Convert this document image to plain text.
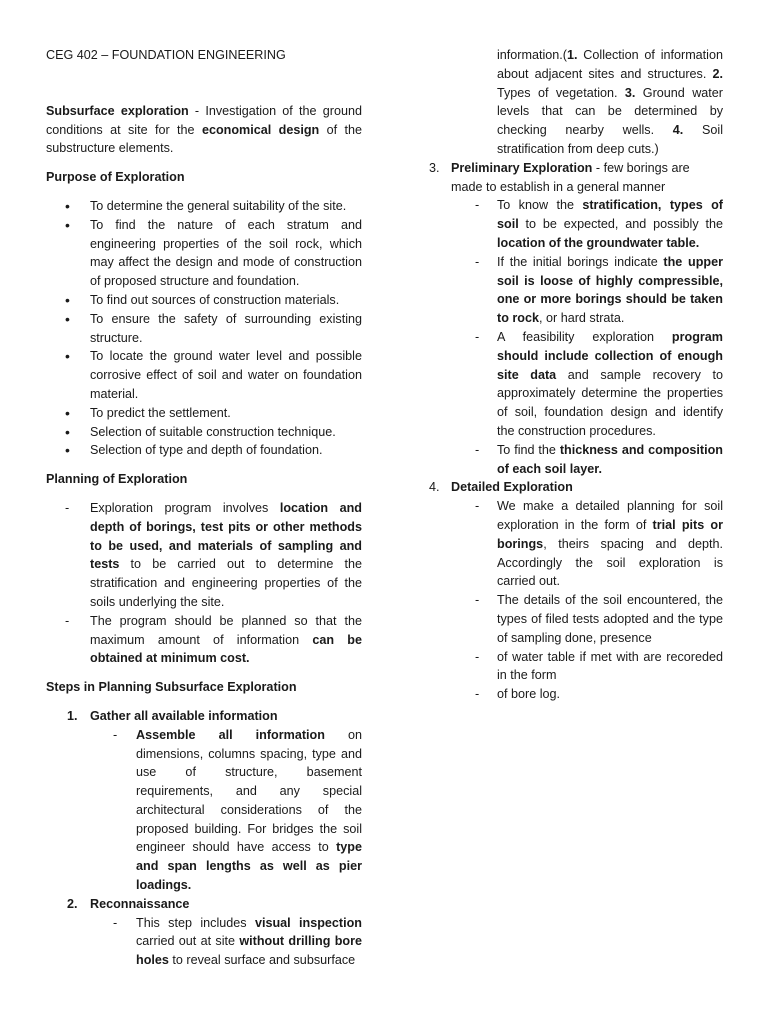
CEG 402 – FOUNDATION ENGINEERING

Subsurface exploration - Investigation of the ground conditions at site for the economical design of the substructure elements.

Purpose of Exploration

• To determine the general suitability of the site.
• To find the nature of each stratum and engineering properties of the soil rock, which may affect the design and mode of construction of proposed structure and foundation.
• To find out sources of construction materials.
• To ensure the safety of surrounding existing structure.
• To locate the ground water level and possible corrosive effect of soil and water on foundation material.
• To predict the settlement.
• Selection of suitable construction technique.
• Selection of type and depth of foundation.

Planning of Exploration

- Exploration program involves location and depth of borings, test pits or other methods to be used, and materials of sampling and tests to be carried out to determine the stratification and engineering properties of the soils underlying the site.
- The program should be planned so that the maximum amount of information can be obtained at minimum cost.

Steps in Planning Subsurface Exploration

1. Gather all available information
- Assemble all information on dimensions, columns spacing, type and use of structure, basement requirements, and any special architectural considerations of the proposed building. For bridges the soil engineer should have access to type and span lengths as well as pier loadings.
2. Reconnaissance
- This step includes visual inspection carried out at site without drilling bore holes to reveal surface and subsurface

information.(1. Collection of information about adjacent sites and structures. 2. Types of vegetation. 3. Ground water levels that can be determined by checking nearby wells. 4. Soil stratification from deep cuts.)

3. Preliminary Exploration - few borings are made to establish in a general manner
- To know the stratification, types of soil to be expected, and possibly the location of the groundwater table.
- If the initial borings indicate the upper soil is loose of highly compressible, one or more borings should be taken to rock, or hard strata.
- A feasibility exploration program should include collection of enough site data and sample recovery to approximately determine the properties of soil, foundation design and identify the construction procedures.
- To find the thickness and composition of each soil layer.
4. Detailed Exploration
- We make a detailed planning for soil exploration in the form of trial pits or borings, theirs spacing and depth. Accordingly the soil exploration is carried out.
- The details of the soil encountered, the types of filed tests adopted and the type of sampling done, presence
- of water table if met with are recoreded in the form
- of bore log.
